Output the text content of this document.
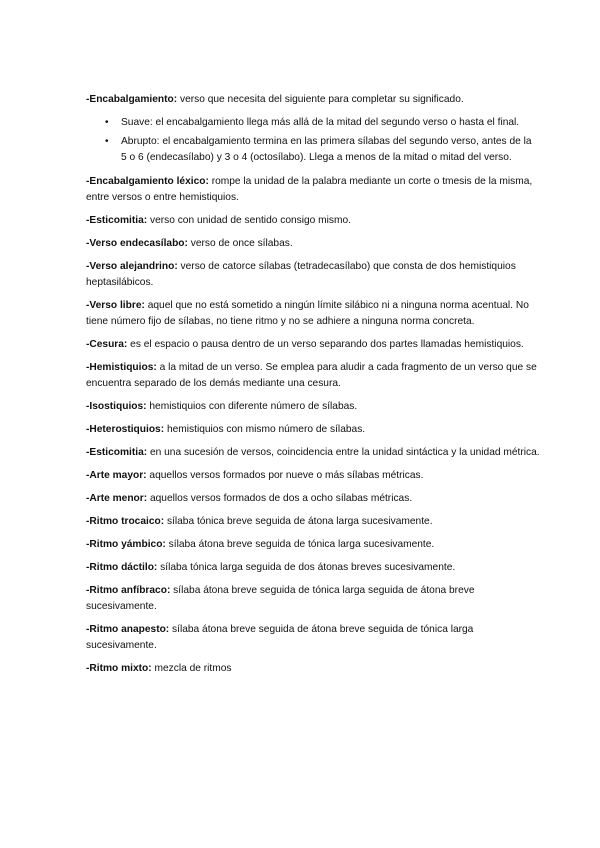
-Encabalgamiento: verso que necesita del siguiente para completar su significado.

• Suave: el encabalgamiento llega más allá de la mitad del segundo verso o hasta el final.
• Abrupto: el encabalgamiento termina en las primera sílabas del segundo verso, antes de la 5 o 6 (endecasílabo) y 3 o 4 (octosílabo). Llega a menos de la mitad o mitad del verso.

-Encabalgamiento léxico: rompe la unidad de la palabra mediante un corte o tmesis de la misma, entre versos o entre hemistiquios.

-Esticomitia: verso con unidad de sentido consigo mismo.

-Verso endecasílabo: verso de once sílabas.

-Verso alejandrino: verso de catorce sílabas (tetradecasílabo) que consta de dos hemistiquios heptasilábicos.

-Verso libre: aquel que no está sometido a ningún límite silábico ni a ninguna norma acentual. No tiene número fijo de sílabas, no tiene ritmo y no se adhiere a ninguna norma concreta.

-Cesura: es el espacio o pausa dentro de un verso separando dos partes llamadas hemistiquios.

-Hemistiquios: a la mitad de un verso. Se emplea para aludir a cada fragmento de un verso que se encuentra separado de los demás mediante una cesura.

-Isostiquios: hemistiquios con diferente número de sílabas.

-Heterostiquios: hemistiquios con mismo número de sílabas.

-Esticomitia: en una sucesión de versos, coincidencia entre la unidad sintáctica y la unidad métrica.

-Arte mayor: aquellos versos formados por nueve o más sílabas métricas.

-Arte menor: aquellos versos formados de dos a ocho sílabas métricas.

-Ritmo trocaico: sílaba tónica breve seguida de átona larga sucesivamente.

-Ritmo yámbico: sílaba átona breve seguida de tónica larga sucesivamente.

-Ritmo dáctilo: sílaba tónica larga seguida de dos átonas breves sucesivamente.

-Ritmo anfíbraco: sílaba átona breve seguida de tónica larga seguida de átona breve sucesivamente.

-Ritmo anapesto: sílaba átona breve seguida de átona breve seguida de tónica larga sucesivamente.

-Ritmo mixto: mezcla de ritmos
